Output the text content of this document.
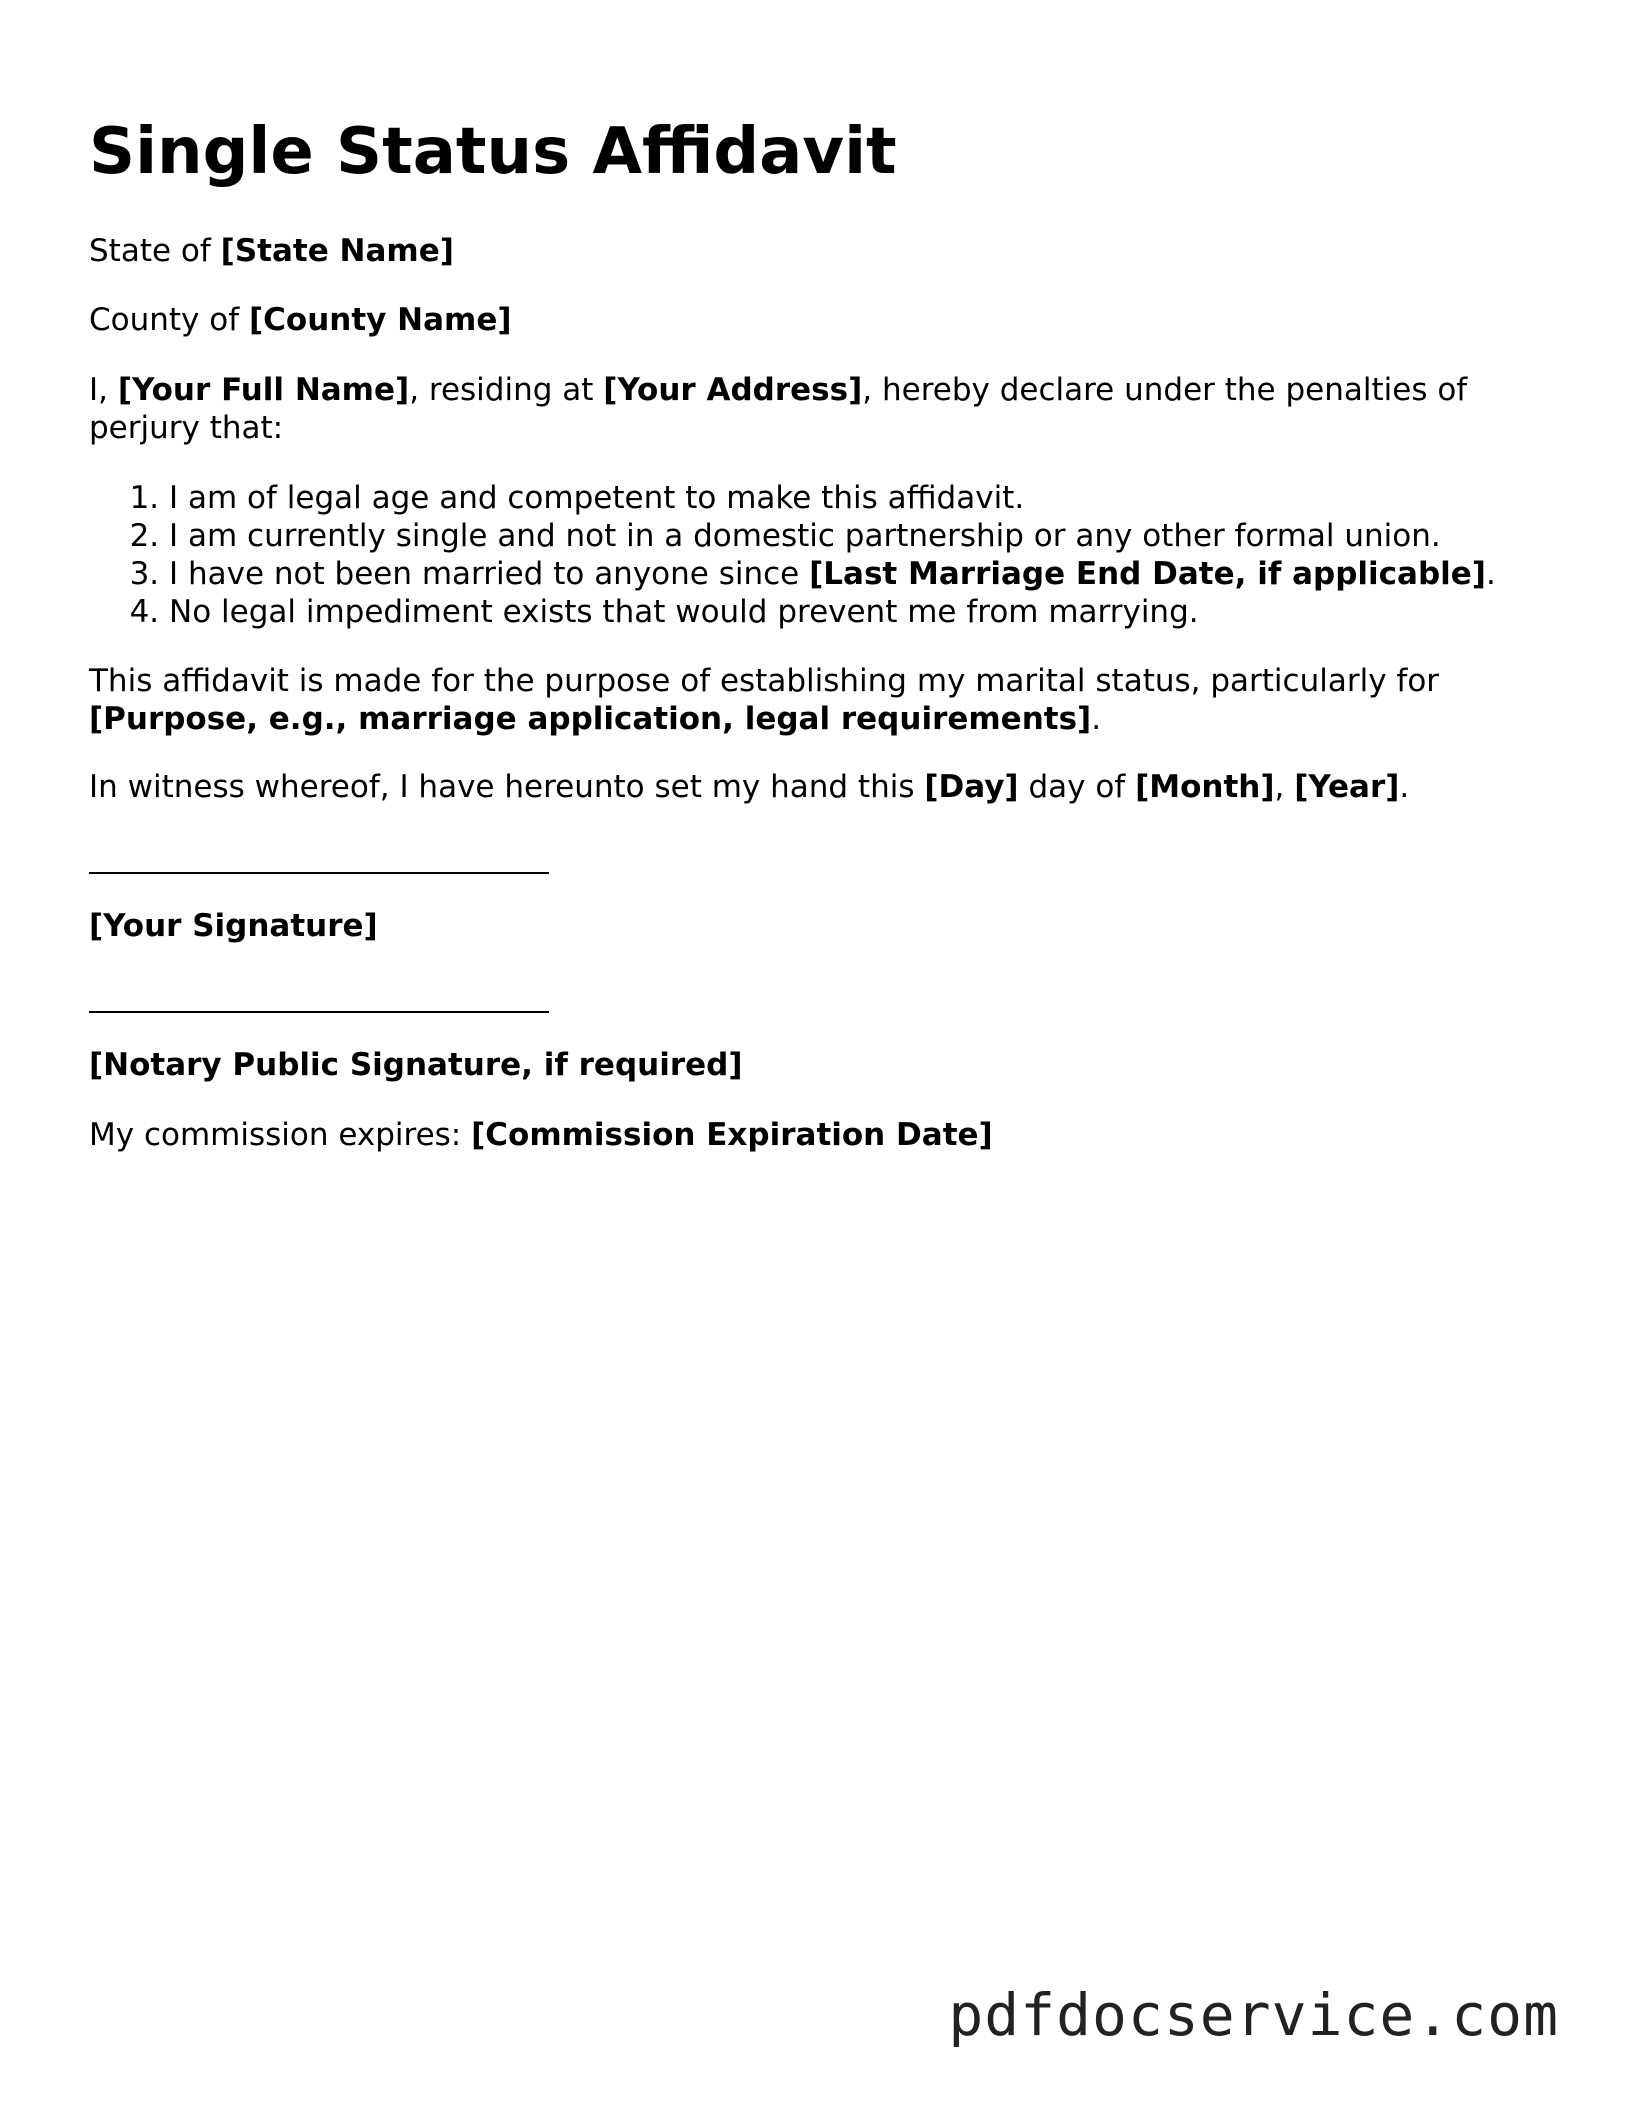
Single Status Affidavit

State of [State Name]

County of [County Name]

I, [Your Full Name], residing at [Your Address], hereby declare under the penalties of perjury that:

1. I am of legal age and competent to make this affidavit.
2. I am currently single and not in a domestic partnership or any other formal union.
3. I have not been married to anyone since [Last Marriage End Date, if applicable].
4. No legal impediment exists that would prevent me from marrying.

This affidavit is made for the purpose of establishing my marital status, particularly for [Purpose, e.g., marriage application, legal requirements].

In witness whereof, I have hereunto set my hand this [Day] day of [Month], [Year].

[Your Signature]

[Notary Public Signature, if required]

My commission expires: [Commission Expiration Date]

pdfdocservice.com
